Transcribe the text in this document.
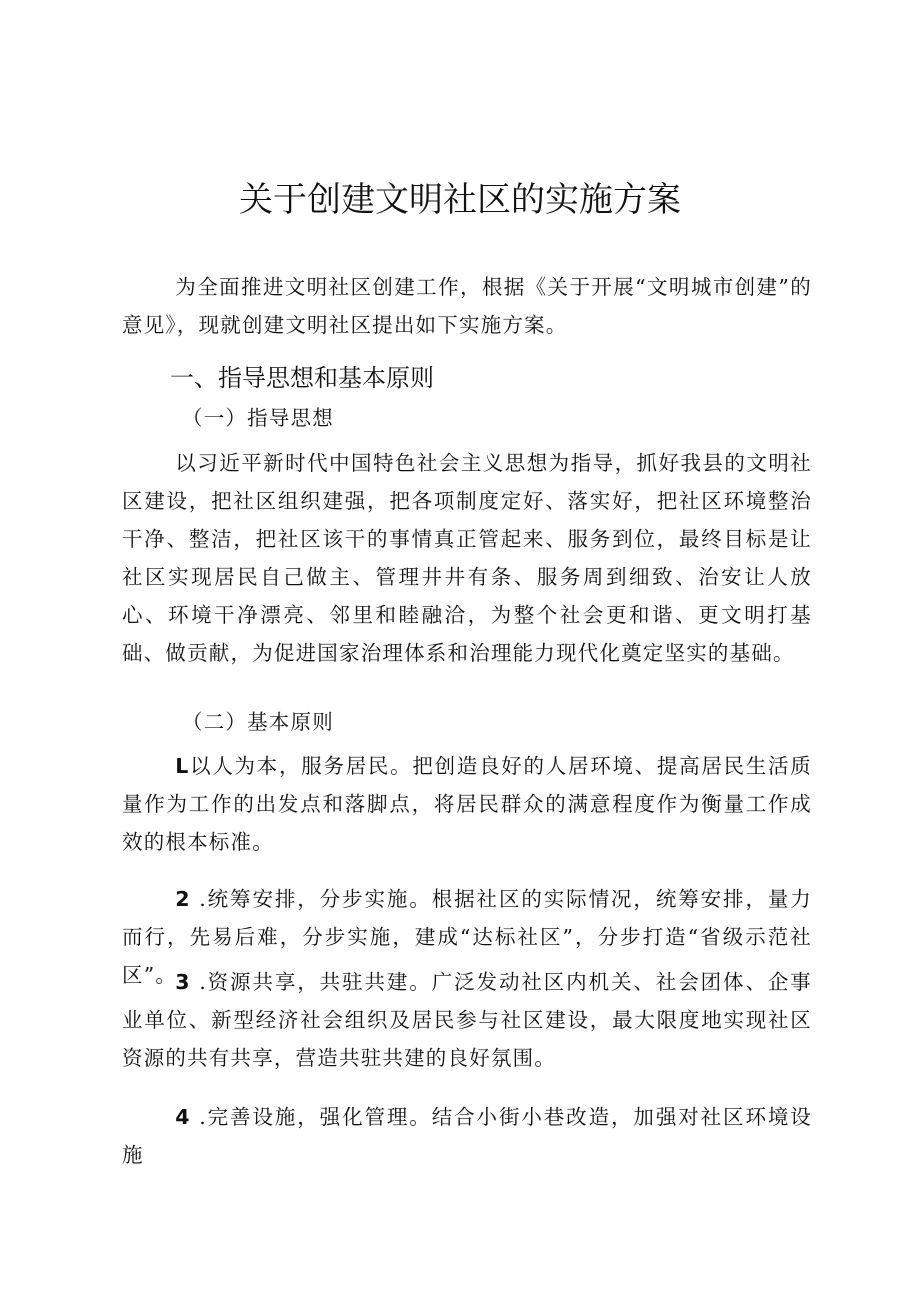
关于创建文明社区的实施方案

为全面推进文明社区创建工作，根据《关于开展“文明城市创建”的意见》，现就创建文明社区提出如下实施方案。

一、指导思想和基本原则

（一）指导思想

以习近平新时代中国特色社会主义思想为指导，抓好我县的文明社区建设，把社区组织建强，把各项制度定好、落实好，把社区环境整治干净、整洁，把社区该干的事情真正管起来、服务到位，最终目标是让社区实现居民自己做主、管理井井有条、服务周到细致、治安让人放心、环境干净漂亮、邻里和睦融洽，为整个社会更和谐、更文明打基础、做贡献，为促进国家治理体系和治理能力现代化奠定坚实的基础。

（二）基本原则

L以人为本，服务居民。把创造良好的人居环境、提高居民生活质量作为工作的出发点和落脚点，将居民群众的满意程度作为衡量工作成效的根本标准。

2 .统筹安排，分步实施。根据社区的实际情况，统筹安排，量力而行，先易后难，分步实施，建成“达标社区”，分步打造“省级示范社区”。

3 .资源共享，共驻共建。广泛发动社区内机关、社会团体、企事业单位、新型经济社会组织及居民参与社区建设，最大限度地实现社区资源的共有共享，营造共驻共建的良好氛围。

4 .完善设施，强化管理。结合小街小巷改造，加强对社区环境设施
